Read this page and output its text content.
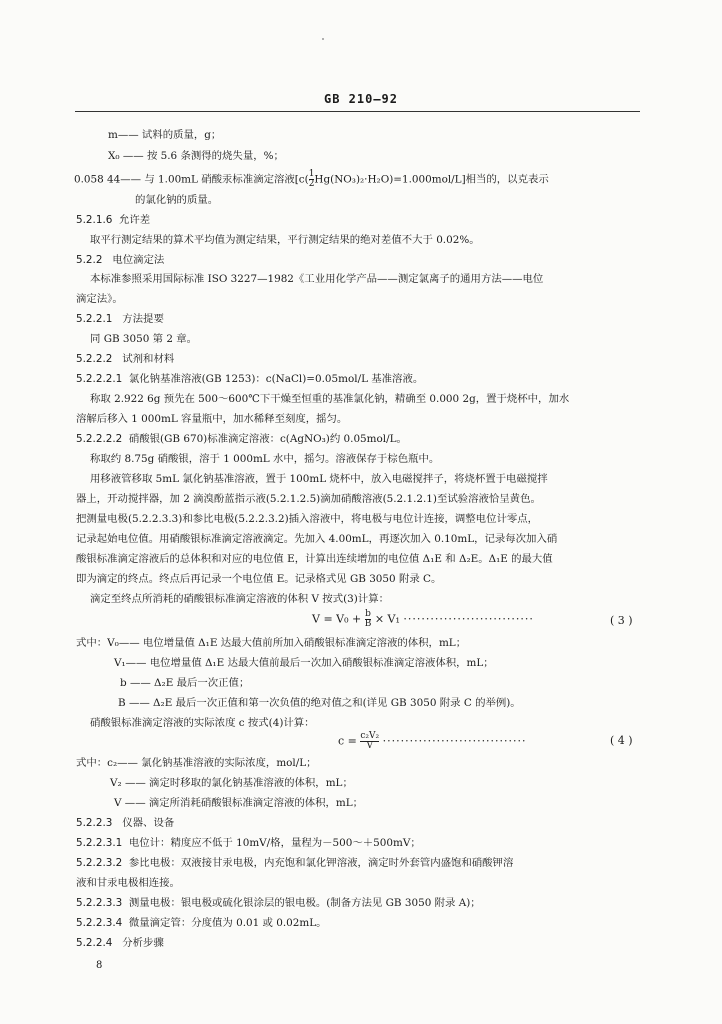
GB 210—92
m—— 试料的质量，g；
X₀ —— 按 5.6 条测得的烧失量，%；
0.058 44—— 与 1.00mL 硝酸汞标准滴定溶液$[c( \frac{1}{2} Hg(NO_3)_2\cdot H_2O)=1.000mol/L]$相当的，以克表示
的氯化钠的质量。
5.2.1.6 允许差
取平行测定结果的算术平均值为测定结果，平行测定结果的绝对差值不大于 0.02%。
5.2.2 电位滴定法
本标准参照采用国际标准 ISO 3227—1982《工业用化学产品——测定氯离子的通用方法——电位
滴定法》。
5.2.2.1 方法提要
同 GB 3050 第 2 章。
5.2.2.2 试剂和材料
5.2.2.2.1 氯化钠基准溶液(GB 1253)：c(NaCl)=0.05mol/L 基准溶液。
称取 2.922 6g 预先在 500～600℃下干燥至恒重的基准氯化钠，精确至 0.000 2g，置于烧杯中，加水
溶解后移入 1 000mL 容量瓶中，加水稀释至刻度，摇匀。
5.2.2.2.2 硝酸银(GB 670)标准滴定溶液：c(AgNO₃)约 0.05mol/L。
称取约 8.75g 硝酸银，溶于 1 000mL 水中，摇匀。溶液保存于棕色瓶中。
用移液管移取 5mL 氯化钠基准溶液，置于 100mL 烧杯中，放入电磁搅拌子，将烧杯置于电磁搅拌
器上，开动搅拌器，加 2 滴溴酚蓝指示液(5.2.1.2.5)滴加硝酸溶液(5.2.1.2.1)至试验溶液恰呈黄色。
把测量电极(5.2.2.3.3)和参比电极(5.2.2.3.2)插入溶液中，将电极与电位计连接，调整电位计零点，
记录起始电位值。用硝酸银标准滴定溶液滴定。先加入 4.00mL，再逐次加入 0.10mL，记录每次加入硝
酸银标准滴定溶液后的总体积和对应的电位值 E，计算出连续增加的电位值 Δ₁E 和 Δ₂E。Δ₁E 的最大值
即为滴定的终点。终点后再记录一个电位值 E。记录格式见 GB 3050 附录 C。
滴定至终点所消耗的硝酸银标准滴定溶液的体积 V 按式(3)计算：
$V = V_0 + \frac{b}{B} \times V_1$ ·····························	( 3 )
式中：V₀—— 电位增量值 Δ₁E 达最大值前所加入硝酸银标准滴定溶液的体积，mL；
V₁—— 电位增量值 Δ₁E 达最大值前最后一次加入硝酸银标准滴定溶液体积，mL；
b —— Δ₂E 最后一次正值；
B —— Δ₂E 最后一次正值和第一次负值的绝对值之和(详见 GB 3050 附录 C 的举例)。
硝酸银标准滴定溶液的实际浓度 c 按式(4)计算：
$c = \frac{\text{c₂V₂}}{V}$ ································	( 4 )
式中：c₂—— 氯化钠基准溶液的实际浓度，mol/L；
V₂ —— 滴定时移取的氯化钠基准溶液的体积，mL；
V —— 滴定所消耗硝酸银标准滴定溶液的体积，mL；
5.2.2.3 仪器、设备
5.2.2.3.1 电位计：精度应不低于 10mV/格，量程为－500～＋500mV；
5.2.2.3.2 参比电极：双液接甘汞电极，内充饱和氯化钾溶液，滴定时外套管内盛饱和硝酸钾溶
液和甘汞电极相连接。
5.2.2.3.3 测量电极：银电极或硫化银涂层的银电极。(制备方法见 GB 3050 附录 A)；
5.2.2.3.4 微量滴定管：分度值为 0.01 或 0.02mL。
5.2.2.4 分析步骤
8
